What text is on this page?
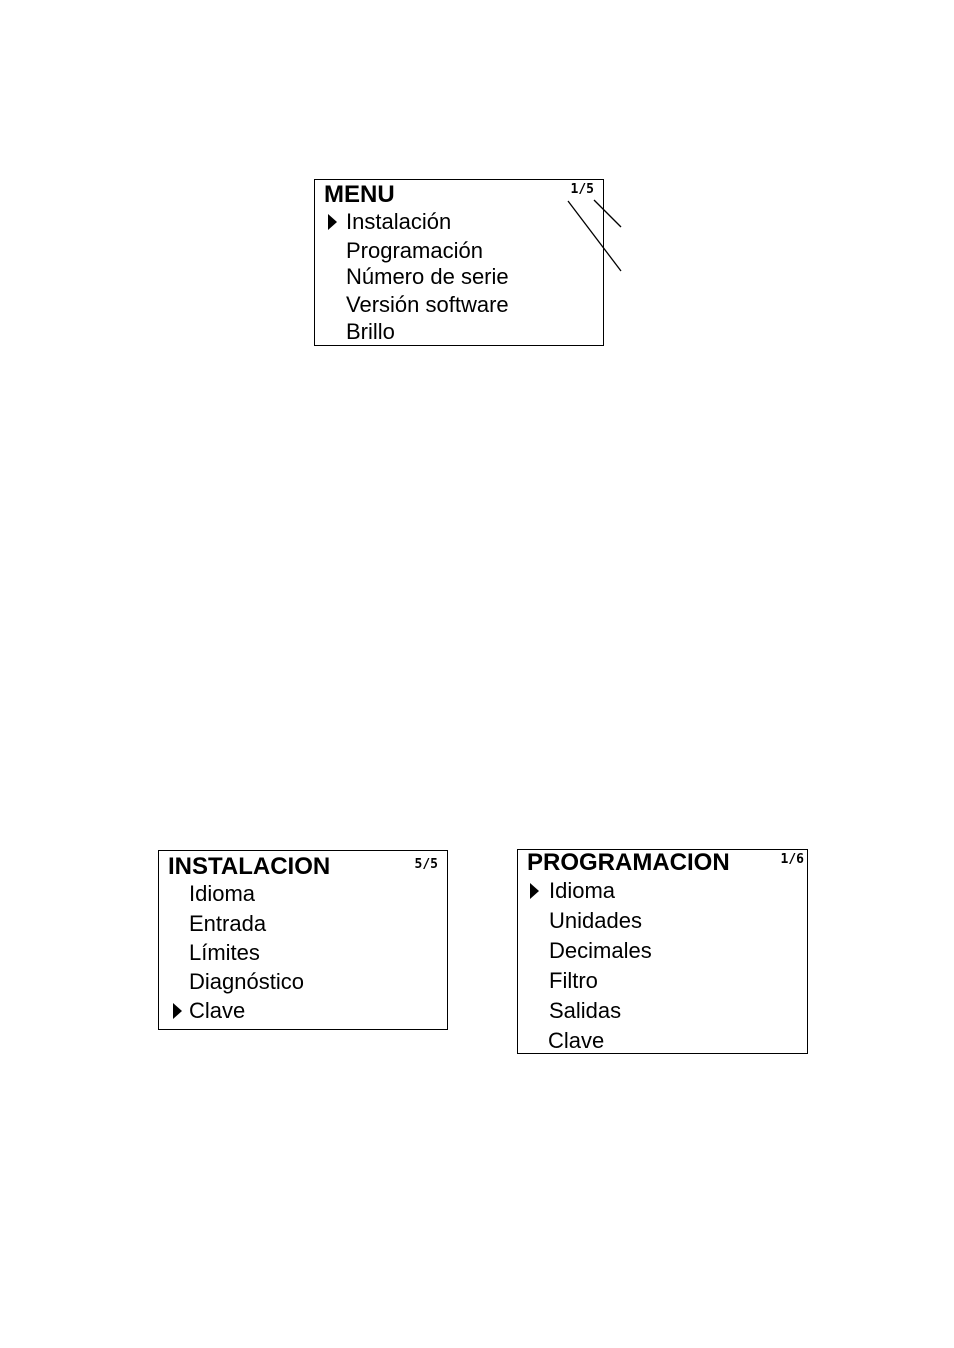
MENU	1/5
Instalación
Programación
Número de serie
Versión software
Brillo
INSTALACION	5/5
Idioma
Entrada
Límites
Diagnóstico
Clave
PROGRAMACION	1/6
Idioma
Unidades
Decimales
Filtro
Salidas
Clave
